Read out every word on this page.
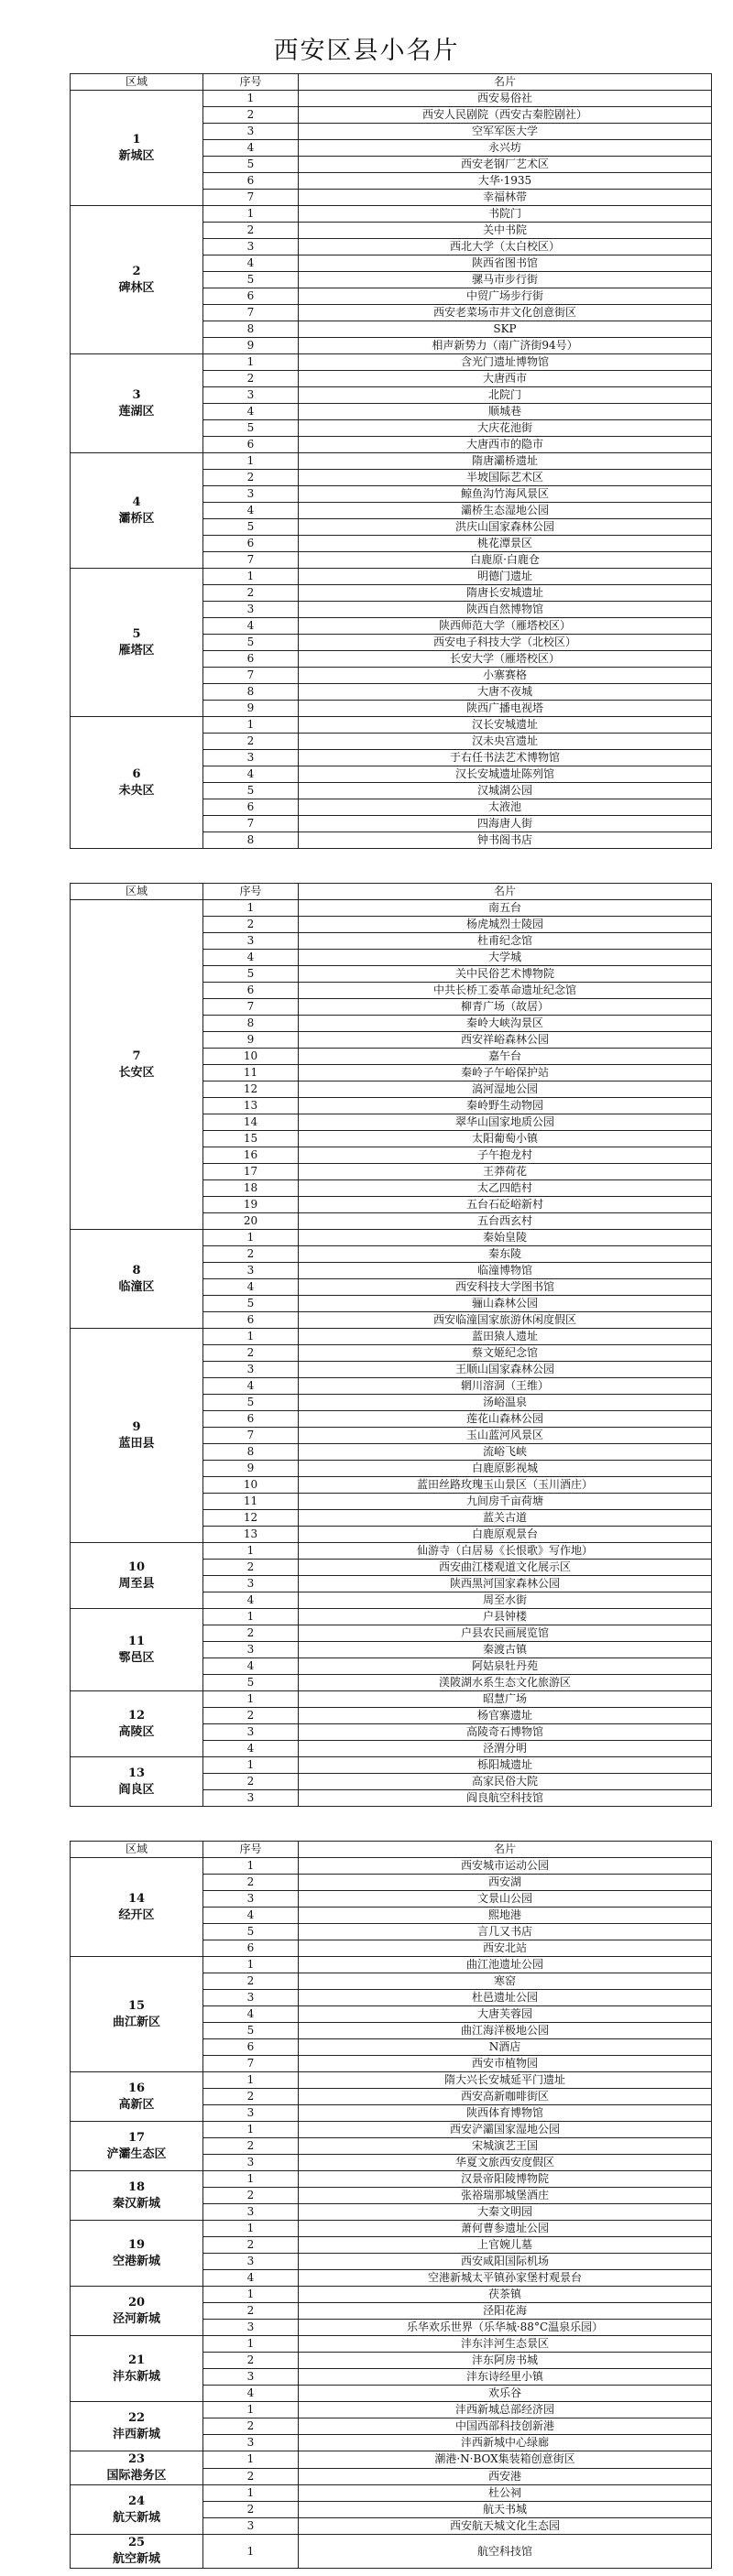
西安区县小名片
区域	序号	名片

1
新城区	1	西安易俗社
	2	西安人民剧院（西安古秦腔剧社）
	3	空军军医大学
	4	永兴坊
	5	西安老钢厂艺术区
	6	大华·1935
	7	幸福林带

2
碑林区	1	书院门
	2	关中书院
	3	西北大学（太白校区）
	4	陕西省图书馆
	5	骡马市步行街
	6	中贸广场步行街
	7	西安老菜场市井文化创意街区
	8	SKP
	9	相声新势力（南广济街94号）

3
莲湖区	1	含光门遗址博物馆
	2	大唐西市
	3	北院门
	4	顺城巷
	5	大庆花池街
	6	大唐西市的隐市

4
灞桥区	1	隋唐灞桥遗址
	2	半坡国际艺术区
	3	鲸鱼沟竹海风景区
	4	灞桥生态湿地公园
	5	洪庆山国家森林公园
	6	桃花潭景区
	7	白鹿原·白鹿仓

5
雁塔区	1	明德门遗址
	2	隋唐长安城遗址
	3	陕西自然博物馆
	4	陕西师范大学（雁塔校区）
	5	西安电子科技大学（北校区）
	6	长安大学（雁塔校区）
	7	小寨赛格
	8	大唐不夜城
	9	陕西广播电视塔

6
未央区	1	汉长安城遗址
	2	汉未央宫遗址
	3	于右任书法艺术博物馆
	4	汉长安城遗址陈列馆
	5	汉城湖公园
	6	太液池
	7	四海唐人街
	8	钟书阁书店
区域	序号	名片

7
长安区	1	南五台
	2	杨虎城烈士陵园
	3	杜甫纪念馆
	4	大学城
	5	关中民俗艺术博物院
	6	中共长桥工委革命遗址纪念馆
	7	柳青广场（故居）
	8	秦岭大峡沟景区
	9	西安祥峪森林公园
	10	嘉午台
	11	秦岭子午峪保护站
	12	滈河湿地公园
	13	秦岭野生动物园
	14	翠华山国家地质公园
	15	太阳葡萄小镇
	16	子午抱龙村
	17	王莽荷花
	18	太乙四皓村
	19	五台石砭峪新村
	20	五台西玄村

8
临潼区	1	秦始皇陵
	2	秦东陵
	3	临潼博物馆
	4	西安科技大学图书馆
	5	骊山森林公园
	6	西安临潼国家旅游休闲度假区

9
蓝田县	1	蓝田猿人遗址
	2	蔡文姬纪念馆
	3	王顺山国家森林公园
	4	辋川溶洞（王维）
	5	汤峪温泉
	6	莲花山森林公园
	7	玉山蓝河风景区
	8	流峪飞峡
	9	白鹿原影视城
	10	蓝田丝路玫瑰玉山景区（玉川酒庄）
	11	九间房千亩荷塘
	12	蓝关古道
	13	白鹿原观景台

10
周至县	1	仙游寺（白居易《长恨歌》写作地）
	2	西安曲江楼观道文化展示区
	3	陕西黑河国家森林公园
	4	周至水街

11
鄠邑区	1	户县钟楼
	2	户县农民画展览馆
	3	秦渡古镇
	4	阿姑泉牡丹苑
	5	渼陂湖水系生态文化旅游区

12
高陵区	1	昭慧广场
	2	杨官寨遗址
	3	高陵奇石博物馆
	4	泾渭分明

13
阎良区	1	栎阳城遗址
	2	高家民俗大院
	3	阎良航空科技馆
区域	序号	名片

14
经开区	1	西安城市运动公园
	2	西安湖
	3	文景山公园
	4	熙地港
	5	言几又书店
	6	西安北站

15
曲江新区	1	曲江池遗址公园
	2	寒窑
	3	杜邑遗址公园
	4	大唐芙蓉园
	5	曲江海洋极地公园
	6	N酒店
	7	西安市植物园

16
高新区	1	隋大兴长安城延平门遗址
	2	西安高新咖啡街区
	3	陕西体育博物馆

17
浐灞生态区	1	西安浐灞国家湿地公园
	2	宋城演艺王国
	3	华夏文旅西安度假区

18
秦汉新城	1	汉景帝阳陵博物院
	2	张裕瑞那城堡酒庄
	3	大秦文明园

19
空港新城	1	萧何曹参遗址公园
	2	上官婉儿墓
	3	西安咸阳国际机场
	4	空港新城太平镇孙家堡村观景台

20
泾河新城	1	茯茶镇
	2	泾阳花海
	3	乐华欢乐世界（乐华城·88°C温泉乐园）

21
沣东新城	1	沣东沣河生态景区
	2	沣东阿房书城
	3	沣东诗经里小镇
	4	欢乐谷

22
沣西新城	1	沣西新城总部经济园
	2	中国西部科技创新港
	3	沣西新城中心绿廊

23
国际港务区	1	潮港·N·BOX集装箱创意街区
	2	西安港

24
航天新城	1	杜公祠
	2	航天书城
	3	西安航天城文化生态园

25
航空新城	1	航空科技馆
